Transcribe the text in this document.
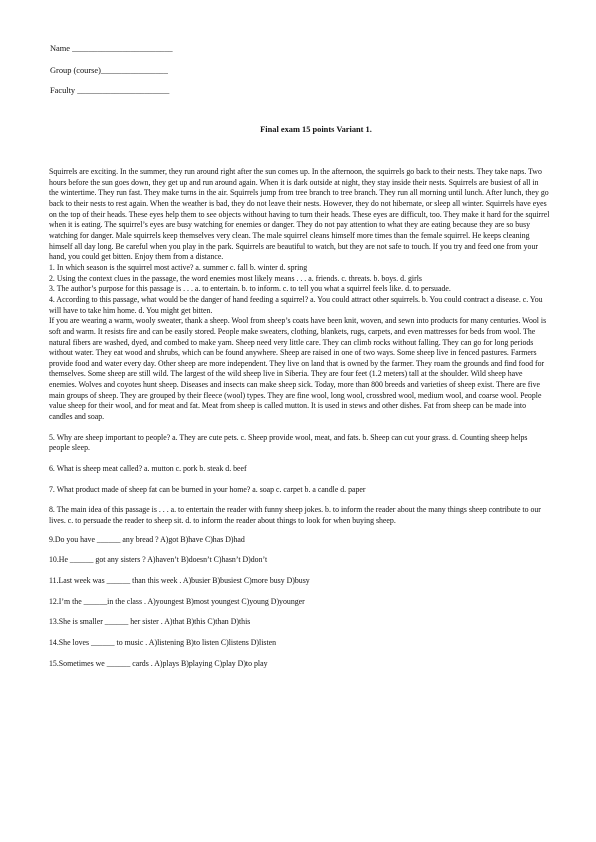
Name ________________________
Group (course)________________
Faculty ______________________
Final exam 15 points Variant 1.

Squirrels are exciting. In the summer, they run around right after the sun comes up. In the afternoon, the squirrels go back to their nests. They take naps. Two hours before the sun goes down, they get up and run around again. When it is dark outside at night, they stay inside their nests. Squirrels are busiest of all in the wintertime. They run fast. They make turns in the air. Squirrels jump from tree branch to tree branch. They run all morning until lunch. After lunch, they go back to their nests to rest again. When the weather is bad, they do not leave their nests. However, they do not hibernate, or sleep all winter. Squirrels have eyes on the top of their heads. These eyes help them to see objects without having to turn their heads. These eyes are difficult, too. They make it hard for the squirrel when it is eating. The squirrel’s eyes are busy watching for enemies or danger. They do not pay attention to what they are eating because they are so busy watching for danger. Male squirrels keep themselves very clean. The male squirrel cleans himself more times than the female squirrel. He keeps cleaning himself all day long. Be careful when you play in the park. Squirrels are beautiful to watch, but they are not safe to touch. If you try and feed one from your hand, you could get bitten. Enjoy them from a distance.

1. In which season is the squirrel most active? a. summer c. fall b. winter d. spring

2. Using the context clues in the passage, the word enemies most likely means . . . a. friends. c. threats. b. boys. d. girls

3. The author’s purpose for this passage is . . . a. to entertain. b. to inform. c. to tell you what a squirrel feels like. d. to persuade.

4. According to this passage, what would be the danger of hand feeding a squirrel? a. You could attract other squirrels. b. You could contract a disease. c. You will have to take him home. d. You might get bitten.

If you are wearing a warm, wooly sweater, thank a sheep. Wool from sheep’s coats have been knit, woven, and sewn into products for many centuries. Wool is soft and warm. It resists fire and can be easily stored. People make sweaters, clothing, blankets, rugs, carpets, and even mattresses for beds from wool. The natural fibers are washed, dyed, and combed to make yarn. Sheep need very little care. They can climb rocks without falling. They can go for long periods without water. They eat wood and shrubs, which can be found anywhere. Sheep are raised in one of two ways. Some sheep live in fenced pastures. Farmers provide food and water every day. Other sheep are more independent. They live on land that is owned by the farmer. They roam the grounds and find food for themselves. Some sheep are still wild. The largest of the wild sheep live in Siberia. They are four feet (1.2 meters) tall at the shoulder. Wild sheep have enemies. Wolves and coyotes hunt sheep. Diseases and insects can make sheep sick. Today, more than 800 breeds and varieties of sheep exist. There are five main groups of sheep. They are grouped by their fleece (wool) types. They are fine wool, long wool, crossbred wool, medium wool, and coarse wool. People value sheep for their wool, and for meat and fat. Meat from sheep is called mutton. It is used in stews and other dishes. Fat from sheep can be made into candles and soap.

5. Why are sheep important to people? a. They are cute pets. c. Sheep provide wool, meat, and fats. b. Sheep can cut your grass. d. Counting sheep helps people sleep.

6. What is sheep meat called? a. mutton c. pork b. steak d. beef

7. What product made of sheep fat can be burned in your home? a. soap c. carpet b. a candle d. paper

8. The main idea of this passage is . . . a. to entertain the reader with funny sheep jokes. b. to inform the reader about the many things sheep contribute to our lives. c. to persuade the reader to sheep sit. d. to inform the reader about things to look for when buying sheep.

9.Do you have ______ any bread ? A)got B)have C)has D)had

10.He ______ got any sisters ? A)haven’t B)doesn’t C)hasn’t D)don’t

11.Last week was ______ than this week . A)busier B)busiest C)more busy D)busy

12.I’m the ______in the class . A)youngest B)most youngest C)young D)younger

13.She is smaller ______ her sister . A)that B)this C)than D)this

14.She loves ______ to music . A)listening B)to listen C)listens D)listen

15.Sometimes we ______ cards . A)plays B)playing C)play D)to play
